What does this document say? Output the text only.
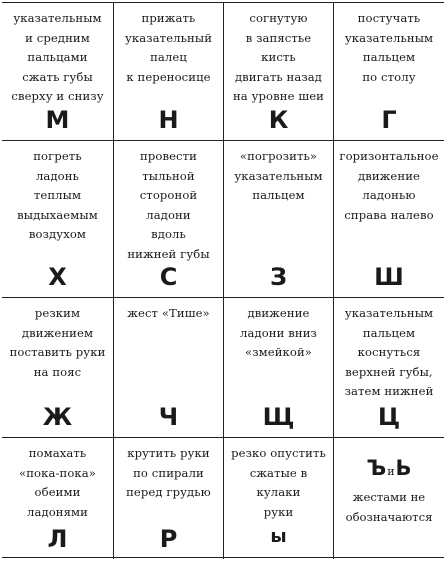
указательным
и средним
пальцами
сжать губы
сверху и снизу
М
прижать
указательный
палец
к переносице
Н
согнутую
в запястье
кисть
двигать назад
на уровне шеи
К
постучать
указательным
пальцем
по столу
Г
погреть
ладонь
теплым
выдыхаемым
воздухом
Х
провести
тыльной
стороной
ладони
вдоль
нижней губы
С
«погрозить»
указательным
пальцем
З
горизонтальное
движение
ладонью
справа налево
Ш
резким
движением
поставить руки
на пояс
Ж
жест «Тише»
Ч
движение
ладони вниз
«змейкой»
Щ
указательным
пальцем
коснуться
верхней губы,
затем нижней
Ц
помахать
«пока-пока»
обеими
ладонями
Л
крутить руки
по спирали
перед грудью
Р
резко опустить
сжатые в кулаки
руки
ы
ЪиЬ
жестами не
обозначаются
